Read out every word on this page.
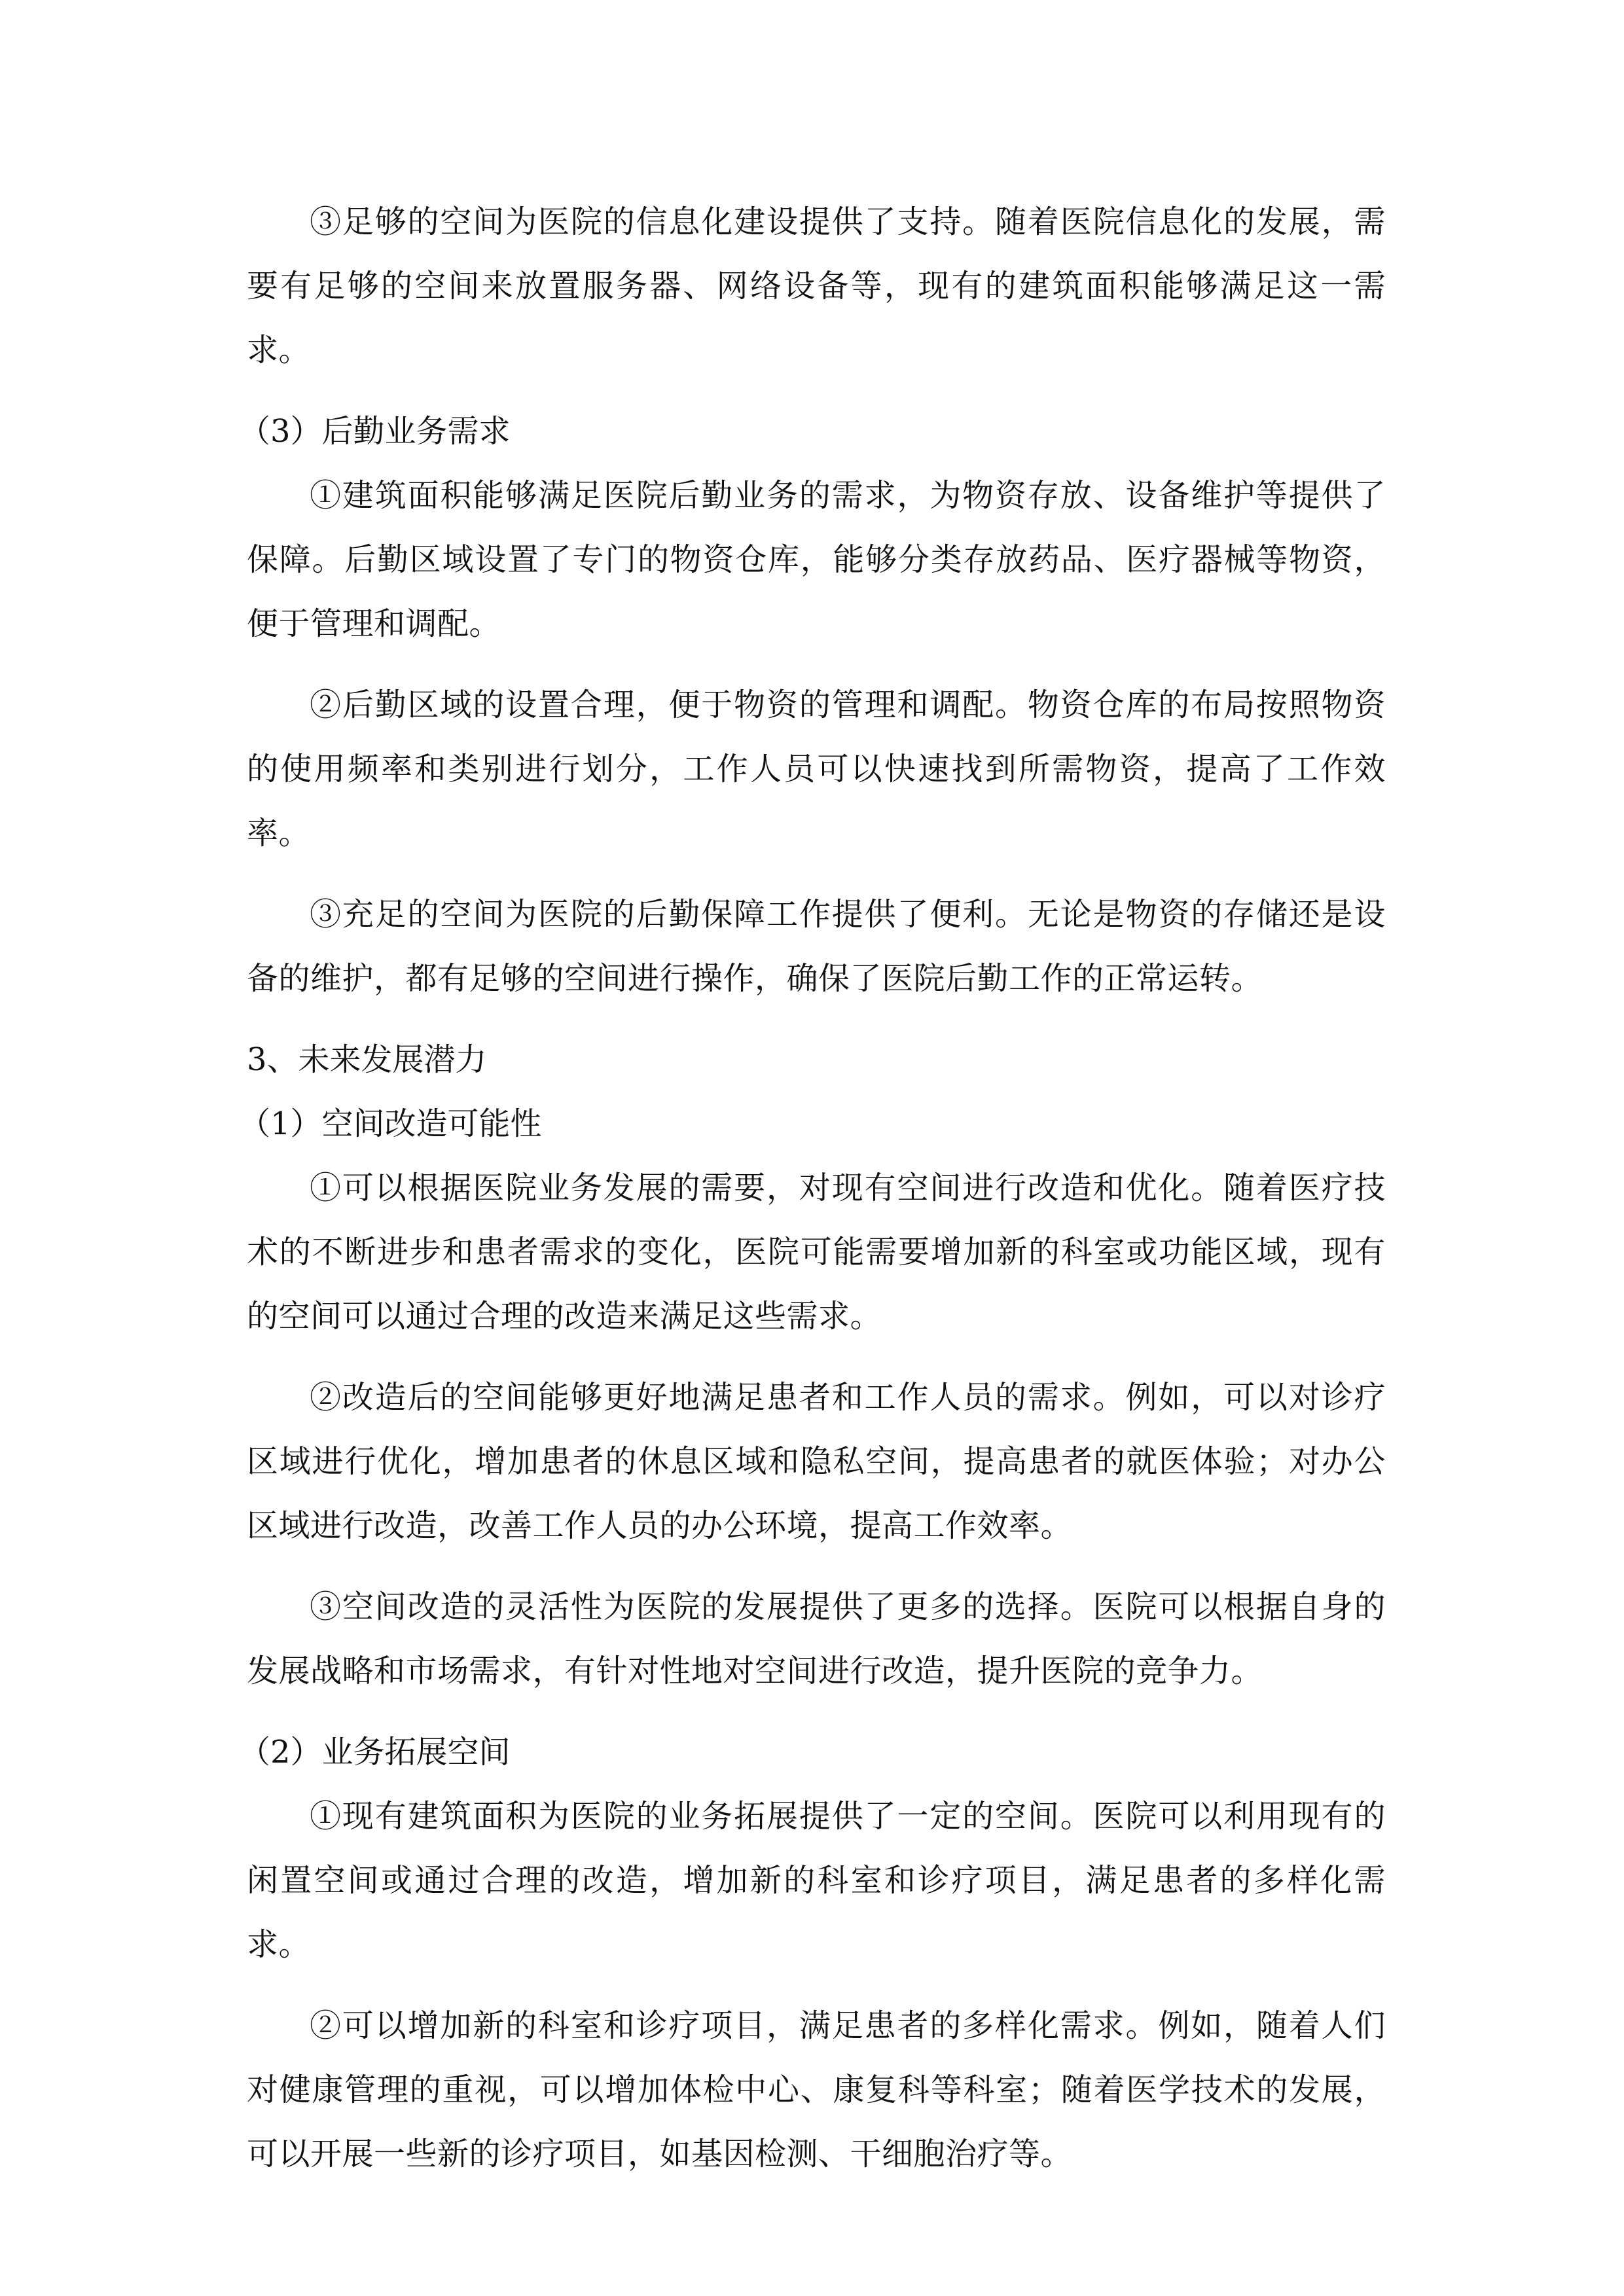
③足够的空间为医院的信息化建设提供了支持。随着医院信息化的发展，需要有足够的空间来放置服务器、网络设备等，现有的建筑面积能够满足这一需求。

（3）后勤业务需求

①建筑面积能够满足医院后勤业务的需求，为物资存放、设备维护等提供了保障。后勤区域设置了专门的物资仓库，能够分类存放药品、医疗器械等物资，便于管理和调配。

②后勤区域的设置合理，便于物资的管理和调配。物资仓库的布局按照物资的使用频率和类别进行划分，工作人员可以快速找到所需物资，提高了工作效率。

③充足的空间为医院的后勤保障工作提供了便利。无论是物资的存储还是设备的维护，都有足够的空间进行操作，确保了医院后勤工作的正常运转。

3、未来发展潜力

（1）空间改造可能性

①可以根据医院业务发展的需要，对现有空间进行改造和优化。随着医疗技术的不断进步和患者需求的变化，医院可能需要增加新的科室或功能区域，现有的空间可以通过合理的改造来满足这些需求。

②改造后的空间能够更好地满足患者和工作人员的需求。例如，可以对诊疗区域进行优化，增加患者的休息区域和隐私空间，提高患者的就医体验；对办公区域进行改造，改善工作人员的办公环境，提高工作效率。

③空间改造的灵活性为医院的发展提供了更多的选择。医院可以根据自身的发展战略和市场需求，有针对性地对空间进行改造，提升医院的竞争力。

（2）业务拓展空间

①现有建筑面积为医院的业务拓展提供了一定的空间。医院可以利用现有的闲置空间或通过合理的改造，增加新的科室和诊疗项目，满足患者的多样化需求。

②可以增加新的科室和诊疗项目，满足患者的多样化需求。例如，随着人们对健康管理的重视，可以增加体检中心、康复科等科室；随着医学技术的发展，可以开展一些新的诊疗项目，如基因检测、干细胞治疗等。
